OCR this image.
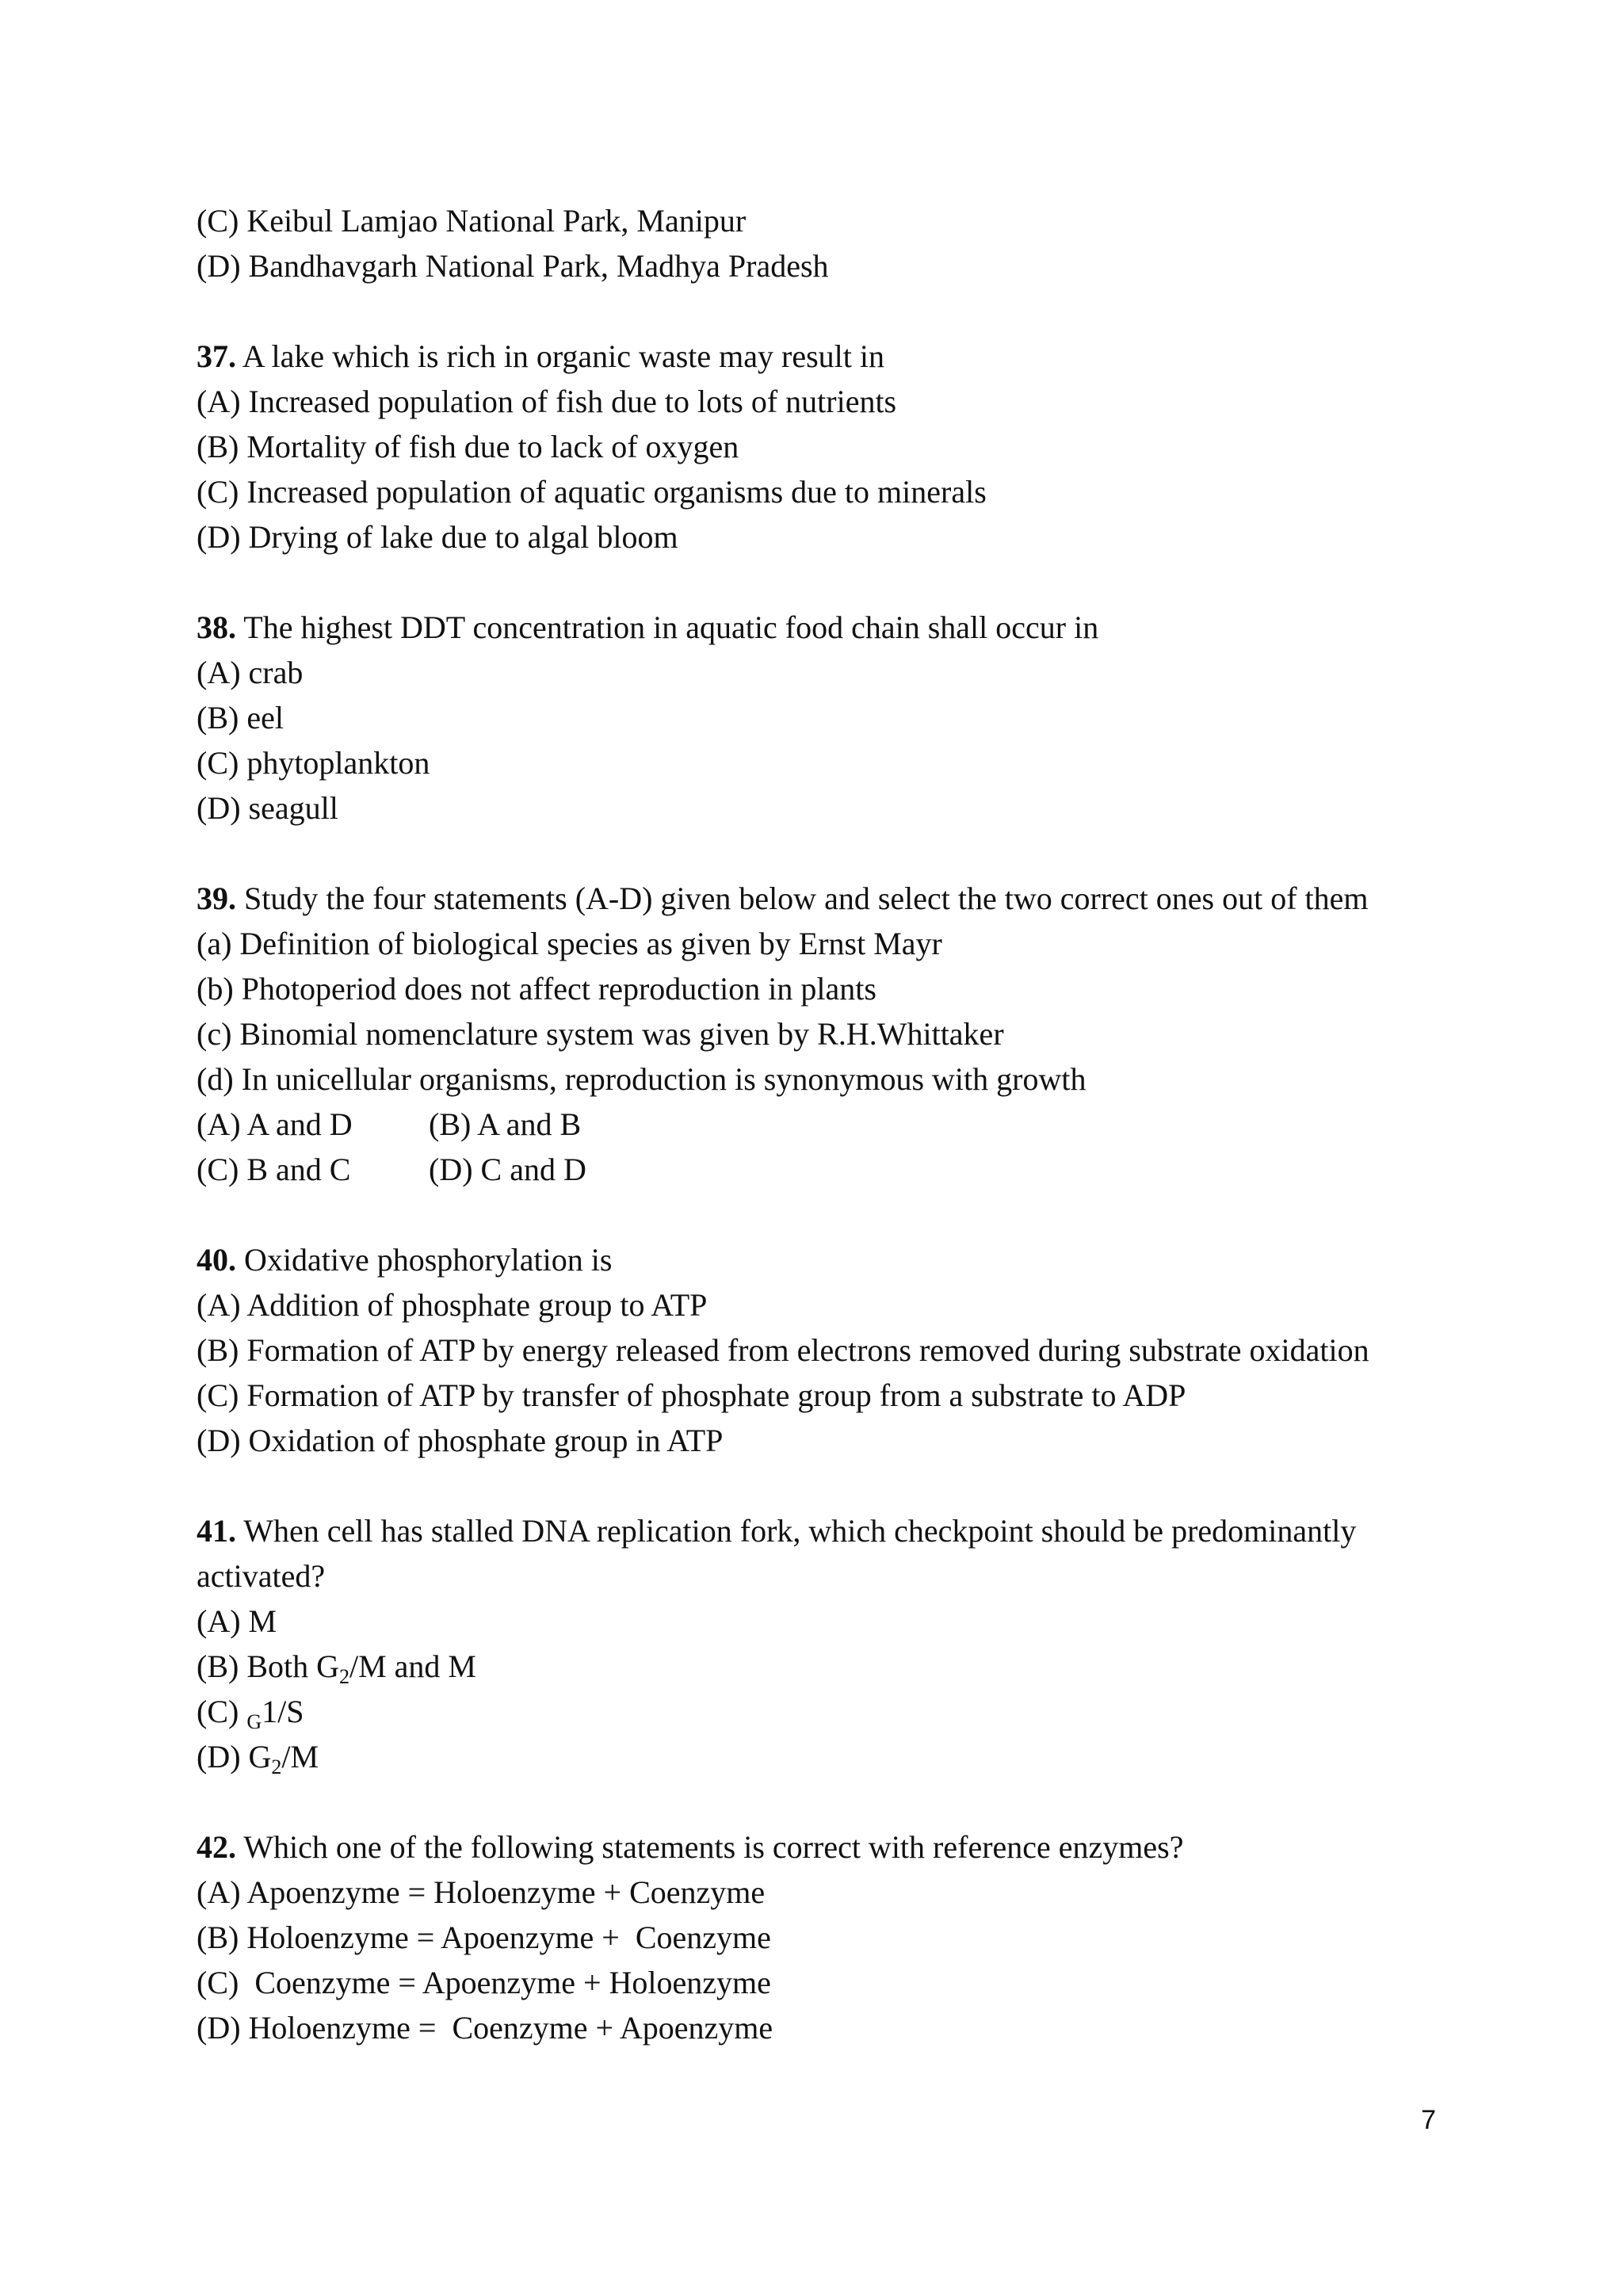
(C) Keibul Lamjao National Park, Manipur
(D) Bandhavgarh National Park, Madhya Pradesh
37. A lake which is rich in organic waste may result in
(A) Increased population of fish due to lots of nutrients
(B) Mortality of fish due to lack of oxygen
(C) Increased population of aquatic organisms due to minerals
(D) Drying of lake due to algal bloom
38. The highest DDT concentration in aquatic food chain shall occur in
(A) crab
(B) eel
(C) phytoplankton
(D) seagull
39. Study the four statements (A-D) given below and select the two correct ones out of them
(a) Definition of biological species as given by Ernst Mayr
(b) Photoperiod does not affect reproduction in plants
(c) Binomial nomenclature system was given by R.H.Whittaker
(d) In unicellular organisms, reproduction is synonymous with growth
(A) A and D (B) A and B
(C) B and C (D) C and D
40. Oxidative phosphorylation is
(A) Addition of phosphate group to ATP
(B) Formation of ATP by energy released from electrons removed during substrate oxidation
(C) Formation of ATP by transfer of phosphate group from a substrate to ADP
(D) Oxidation of phosphate group in ATP
41. When cell has stalled DNA replication fork, which checkpoint should be predominantly activated?
(A) M
(B) Both $G_2/M$ and M
(C) $_G$1/S
(D) $G_2/M$
42. Which one of the following statements is correct with reference enzymes?
(A) Apoenzyme = Holoenzyme + Coenzyme
(B) Holoenzyme = Apoenzyme +  Coenzyme
(C)  Coenzyme = Apoenzyme + Holoenzyme
(D) Holoenzyme =  Coenzyme + Apoenzyme
7
